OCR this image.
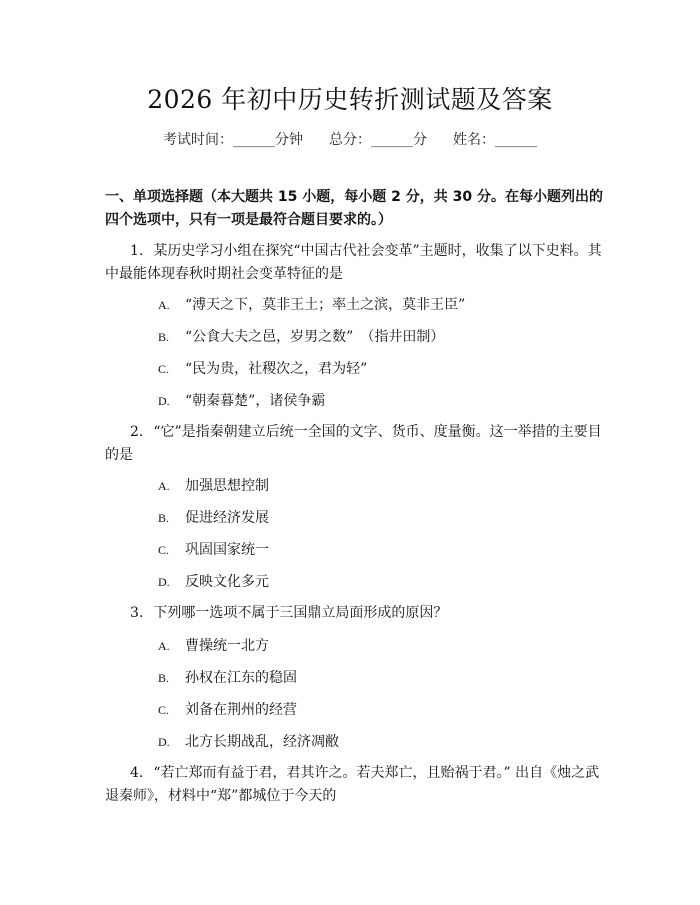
2026 年初中历史转折测试题及答案
考试时间：______分钟 总分：______分 姓名：______
一、单项选择题（本大题共 15 小题，每小题 2 分，共 30 分。在每小题列出的四个选项中，只有一项是最符合题目要求的。）
1. 某历史学习小组在探究“中国古代社会变革”主题时，收集了以下史料。其中最能体现春秋时期社会变革特征的是
A. “溥天之下，莫非王土；率土之滨，莫非王臣”
B. “公食大夫之邑，岁男之数”　（指井田制）
C. “民为贵，社稷次之，君为轻”
D. “朝秦暮楚”，诸侯争霸
2. “它”是指秦朝建立后统一全国的文字、货币、度量衡。这一举措的主要目的是
A. 加强思想控制
B. 促进经济发展
C. 巩固国家统一
D. 反映文化多元
3. 下列哪一选项不属于三国鼎立局面形成的原因？
A. 曹操统一北方
B. 孙权在江东的稳固
C. 刘备在荆州的经营
D. 北方长期战乱，经济凋敝
4. “若亡郑而有益于君，君其许之。若夫郑亡，且贻祸于君。” 出自《烛之武退秦师》，材料中“郑”都城位于今天的
